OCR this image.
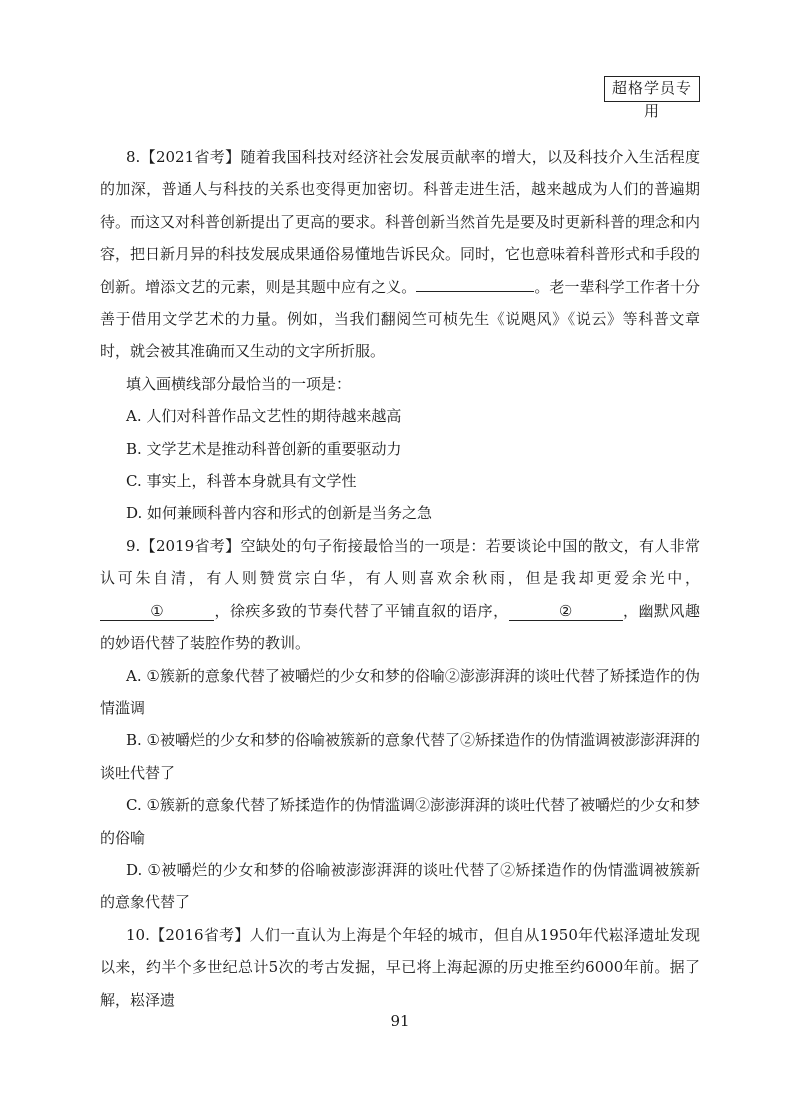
超格学员专用

8.【2021省考】随着我国科技对经济社会发展贡献率的增大，以及科技介入生活程度的加深，普通人与科技的关系也变得更加密切。科普走进生活，越来越成为人们的普遍期待。而这又对科普创新提出了更高的要求。科普创新当然首先是要及时更新科普的理念和内容，把日新月异的科技发展成果通俗易懂地告诉民众。同时，它也意味着科普形式和手段的创新。增添文艺的元素，则是其题中应有之义。	。老一辈科学工作者十分善于借用文学艺术的力量。例如，当我们翻阅竺可桢先生《说飓风》《说云》等科普文章时，就会被其准确而又生动的文字所折服。

填入画横线部分最恰当的一项是：

A. 人们对科普作品文艺性的期待越来越高

B. 文学艺术是推动科普创新的重要驱动力

C. 事实上，科普本身就具有文学性

D. 如何兼顾科普内容和形式的创新是当务之急

9.【2019省考】空缺处的句子衔接最恰当的一项是：若要谈论中国的散文，有人非常认可朱自清，有人则赞赏宗白华，有人则喜欢余秋雨，但是我却更爱余光中，①	，徐疾多致的节奏代替了平铺直叙的语序，	②	，幽默风趣的妙语代替了装腔作势的教训。

A. ①簇新的意象代替了被嚼烂的少女和梦的俗喻②澎澎湃湃的谈吐代替了矫揉造作的伪情滥调

B. ①被嚼烂的少女和梦的俗喻被簇新的意象代替了②矫揉造作的伪情滥调被澎澎湃湃的谈吐代替了

C. ①簇新的意象代替了矫揉造作的伪情滥调②澎澎湃湃的谈吐代替了被嚼烂的少女和梦的俗喻

D. ①被嚼烂的少女和梦的俗喻被澎澎湃湃的谈吐代替了②矫揉造作的伪情滥调被簇新的意象代替了

10.【2016省考】人们一直认为上海是个年轻的城市，但自从1950年代崧泽遗址发现以来，约半个多世纪总计5次的考古发掘，早已将上海起源的历史推至约6000年前。据了解，崧泽遗

91
